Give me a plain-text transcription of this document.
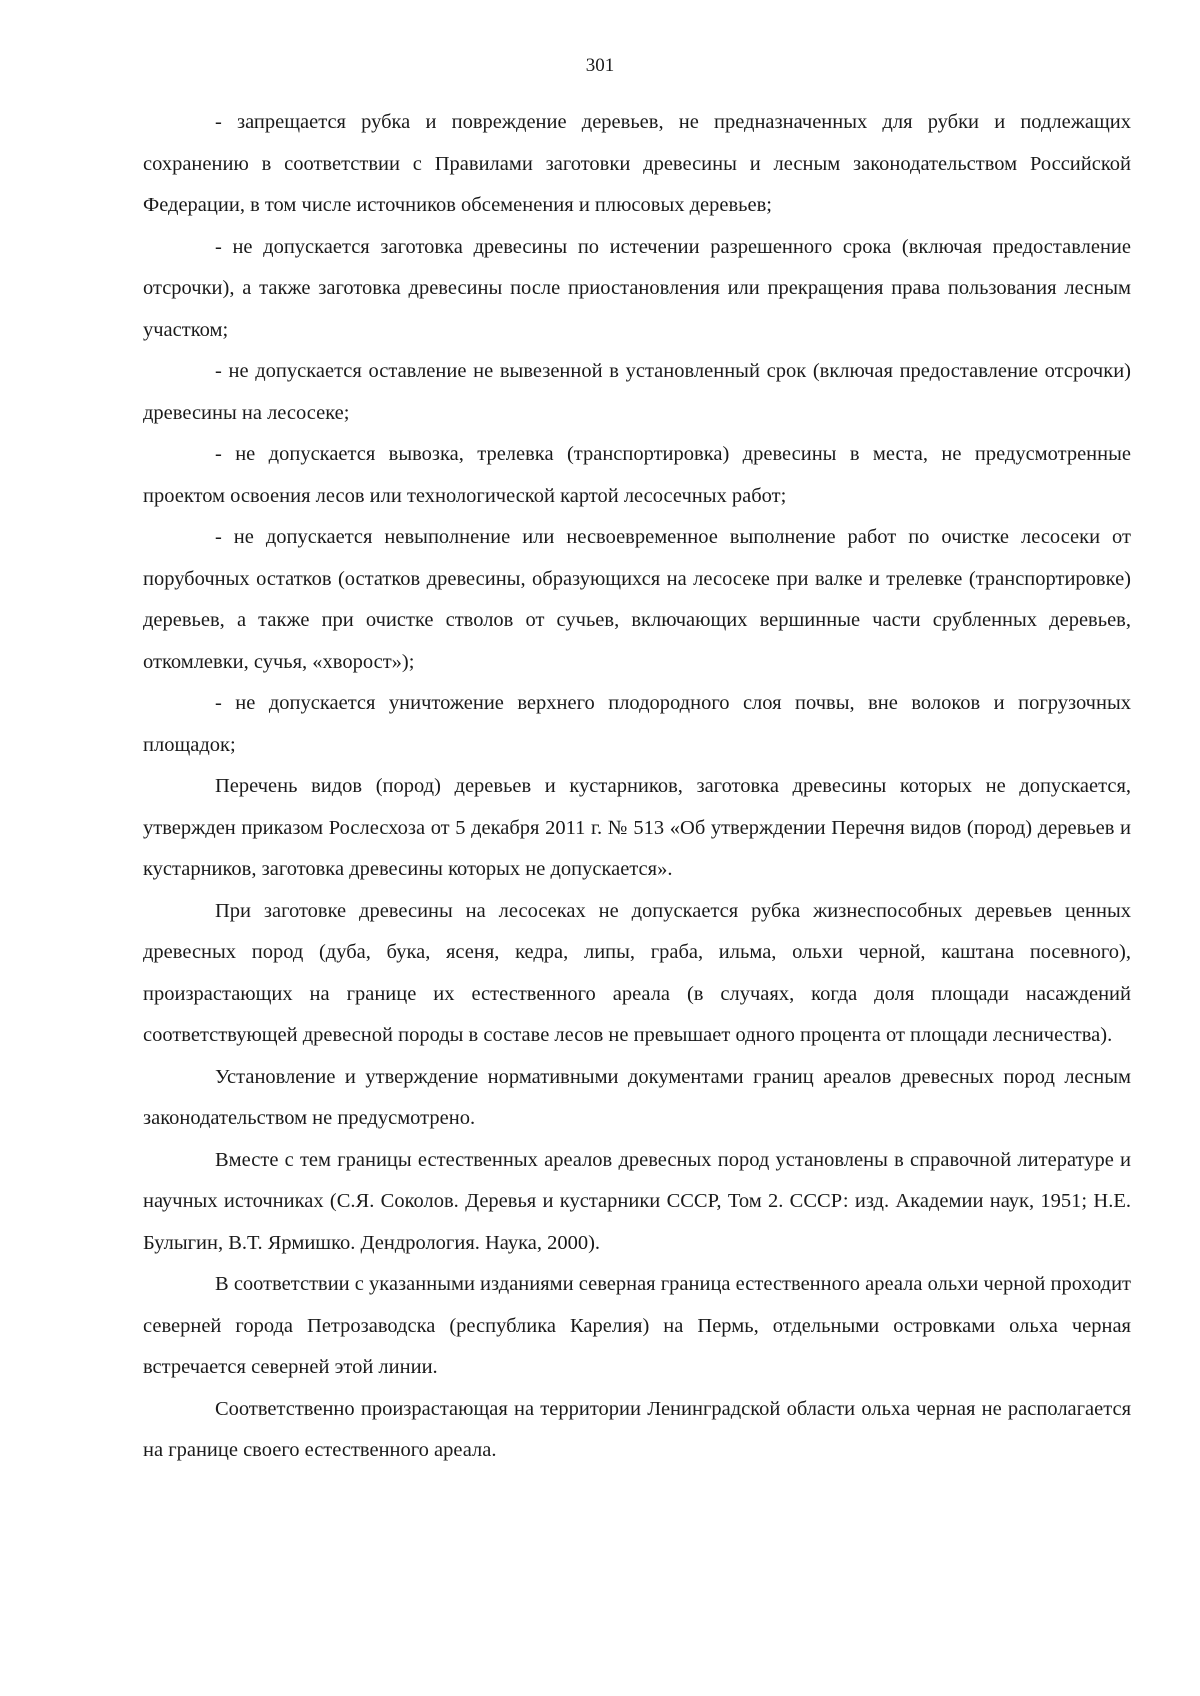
301

- запрещается рубка и повреждение деревьев, не предназначенных для рубки и подлежащих сохранению в соответствии с Правилами заготовки древесины и лесным законодательством Российской Федерации, в том числе источников обсеменения и плюсовых деревьев;

- не допускается заготовка древесины по истечении разрешенного срока (включая предоставление отсрочки), а также заготовка древесины после приостановления или прекращения права пользования лесным участком;

- не допускается оставление не вывезенной в установленный срок (включая предоставление отсрочки) древесины на лесосеке;

- не допускается вывозка, трелевка (транспортировка) древесины в места, не предусмотренные проектом освоения лесов или технологической картой лесосечных работ;

- не допускается невыполнение или несвоевременное выполнение работ по очистке лесосеки от порубочных остатков (остатков древесины, образующихся на лесосеке при валке и трелевке (транспортировке) деревьев, а также при очистке стволов от сучьев, включающих вершинные части срубленных деревьев, откомлевки, сучья, «хворост»);

- не допускается уничтожение верхнего плодородного слоя почвы, вне волоков и погрузочных площадок;

Перечень видов (пород) деревьев и кустарников, заготовка древесины которых не допускается, утвержден приказом Рослесхоза от 5 декабря 2011 г. № 513 «Об утверждении Перечня видов (пород) деревьев и кустарников, заготовка древесины которых не допускается».

При заготовке древесины на лесосеках не допускается рубка жизнеспособных деревьев ценных древесных пород (дуба, бука, ясеня, кедра, липы, граба, ильма, ольхи черной, каштана посевного), произрастающих на границе их естественного ареала (в случаях, когда доля площади насаждений соответствующей древесной породы в составе лесов не превышает одного процента от площади лесничества).

Установление и утверждение нормативными документами границ ареалов древесных пород лесным законодательством не предусмотрено.

Вместе с тем границы естественных ареалов древесных пород установлены в справочной литературе и научных источниках (С.Я. Соколов. Деревья и кустарники СССР, Том 2. СССР: изд. Академии наук, 1951; Н.Е. Булыгин, В.Т. Ярмишко. Дендрология. Наука, 2000).

В соответствии с указанными изданиями северная граница естественного ареала ольхи черной проходит северней города Петрозаводска (республика Карелия) на Пермь, отдельными островками ольха черная встречается северней этой линии.

Соответственно произрастающая на территории Ленинградской области ольха черная не располагается на границе своего естественного ареала.
